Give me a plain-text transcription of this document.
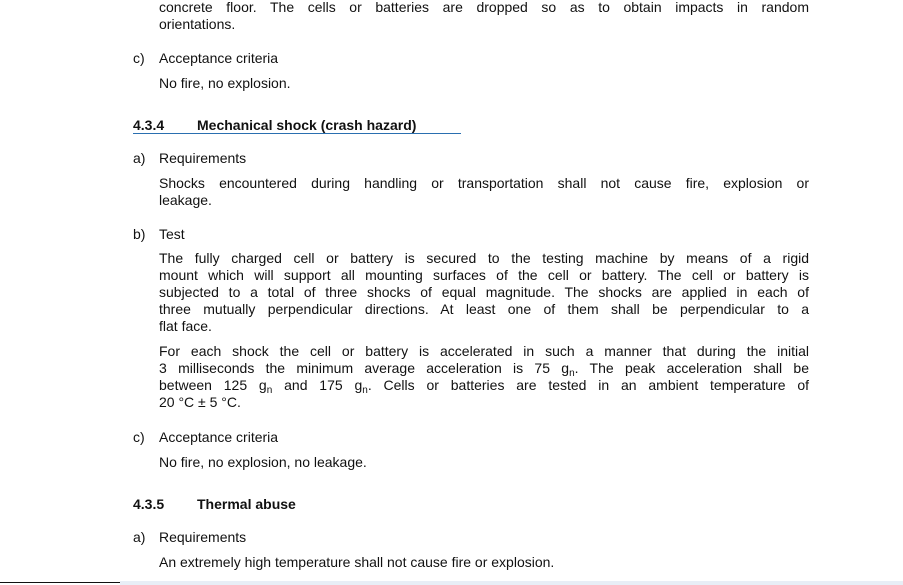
concrete floor. The cells or batteries are dropped so as to obtain impacts in random

orientations.

c) Acceptance criteria
No fire, no explosion.
4.3.4 Mechanical shock (crash hazard)
a) Requirements

Shocks encountered during handling or transportation shall not cause fire, explosion or

leakage.

b) Test

The fully charged cell or battery is secured to the testing machine by means of a rigid

mount which will support all mounting surfaces of the cell or battery. The cell or battery is

subjected to a total of three shocks of equal magnitude. The shocks are applied in each of

three mutually perpendicular directions. At least one of them shall be perpendicular to a

flat face.

For each shock the cell or battery is accelerated in such a manner that during the initial

3 milliseconds the minimum average acceleration is 75 $g_n$. The peak acceleration shall be

between 125 $g_n$ and 175 $g_n$. Cells or batteries are tested in an ambient temperature of

20 °C ± 5 °C.

c) Acceptance criteria
No fire, no explosion, no leakage.
4.3.5 Thermal abuse
a) Requirements
An extremely high temperature shall not cause fire or explosion.
